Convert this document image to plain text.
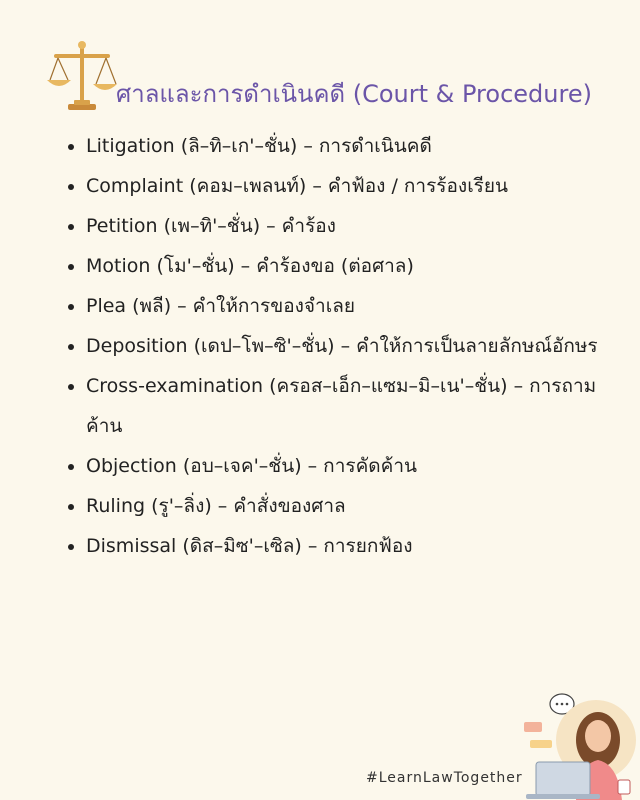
ศาลและการดำเนินคดี (Court & Procedure)
Litigation (ลิ–ทิ–เก'–ชั่น) – การดำเนินคดี
Complaint (คอม–เพลนท์) – คำฟ้อง / การร้องเรียน
Petition (เพ–ทิ'–ชั่น) – คำร้อง
Motion (โม'–ชั่น) – คำร้องขอ (ต่อศาล)
Plea (พลี) – คำให้การของจำเลย
Deposition (เดป–โพ–ซิ'–ชั่น) – คำให้การเป็นลายลักษณ์อักษร
Cross-examination (ครอส–เอ็ก–แซม–มิ–เน'–ชั่น) – การถามค้าน
Objection (อบ–เจค'–ชั่น) – การคัดค้าน
Ruling (รู'–ลิ่ง) – คำสั่งของศาล
Dismissal (ดิส–มิซ'–เซิล) – การยกฟ้อง
#LearnLawTogether
